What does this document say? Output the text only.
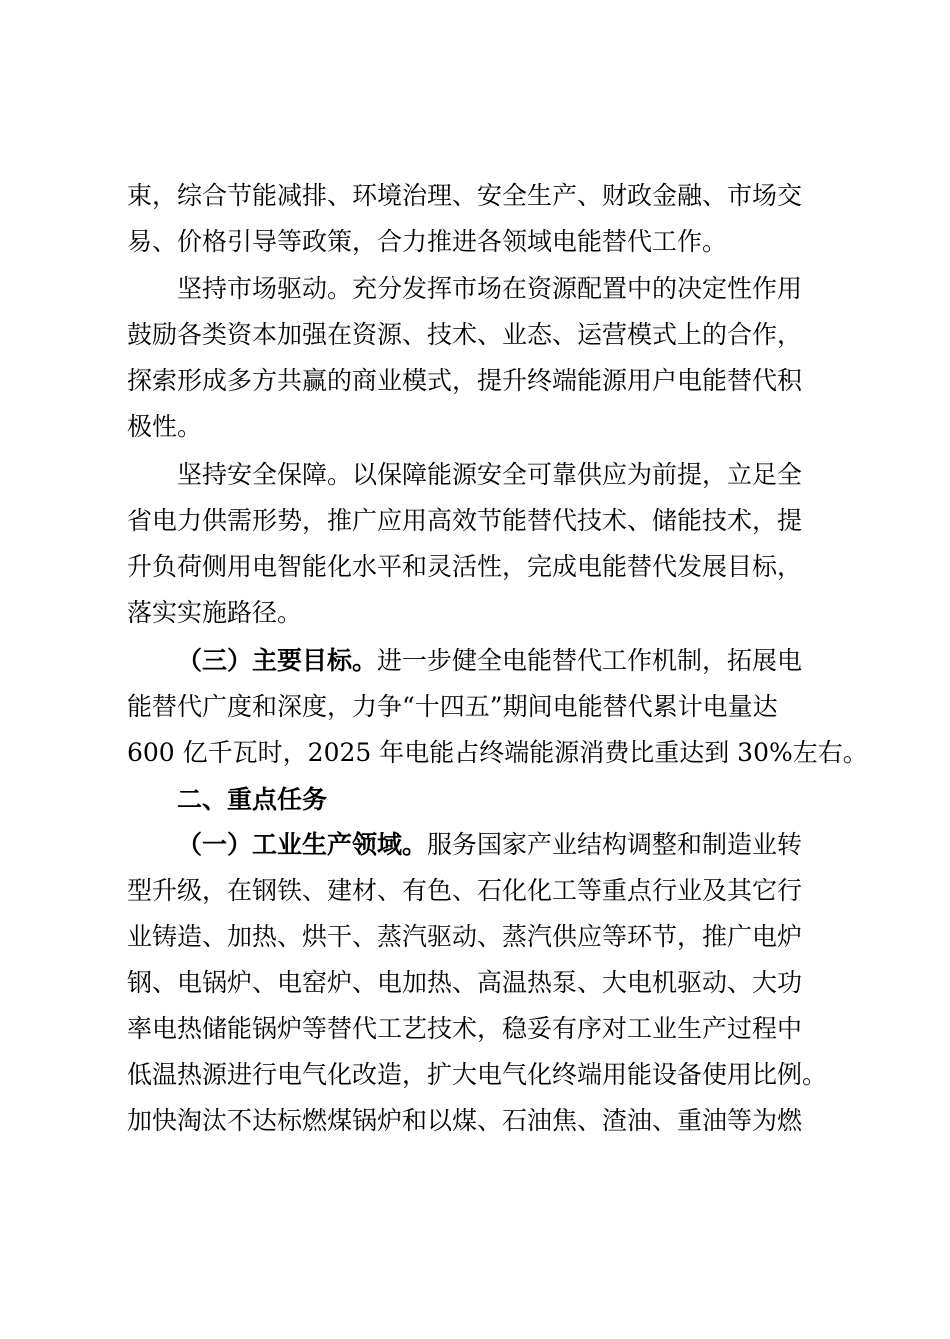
束，综合节能减排、环境治理、安全生产、财政金融、市场交
易、价格引导等政策，合力推进各领域电能替代工作。
坚持市场驱动。充分发挥市场在资源配置中的决定性作用
鼓励各类资本加强在资源、技术、业态、运营模式上的合作，
探索形成多方共赢的商业模式，提升终端能源用户电能替代积
极性。
坚持安全保障。以保障能源安全可靠供应为前提，立足全
省电力供需形势，推广应用高效节能替代技术、储能技术，提
升负荷侧用电智能化水平和灵活性，完成电能替代发展目标，
落实实施路径。
（三）主要目标。进一步健全电能替代工作机制，拓展电
能替代广度和深度，力争“十四五”期间电能替代累计电量达
600 亿千瓦时，2025 年电能占终端能源消费比重达到 30%左右。
二、重点任务
（一）工业生产领域。服务国家产业结构调整和制造业转
型升级，在钢铁、建材、有色、石化化工等重点行业及其它行
业铸造、加热、烘干、蒸汽驱动、蒸汽供应等环节，推广电炉
钢、电锅炉、电窑炉、电加热、高温热泵、大电机驱动、大功
率电热储能锅炉等替代工艺技术，稳妥有序对工业生产过程中
低温热源进行电气化改造，扩大电气化终端用能设备使用比例。
加快淘汰不达标燃煤锅炉和以煤、石油焦、渣油、重油等为燃
